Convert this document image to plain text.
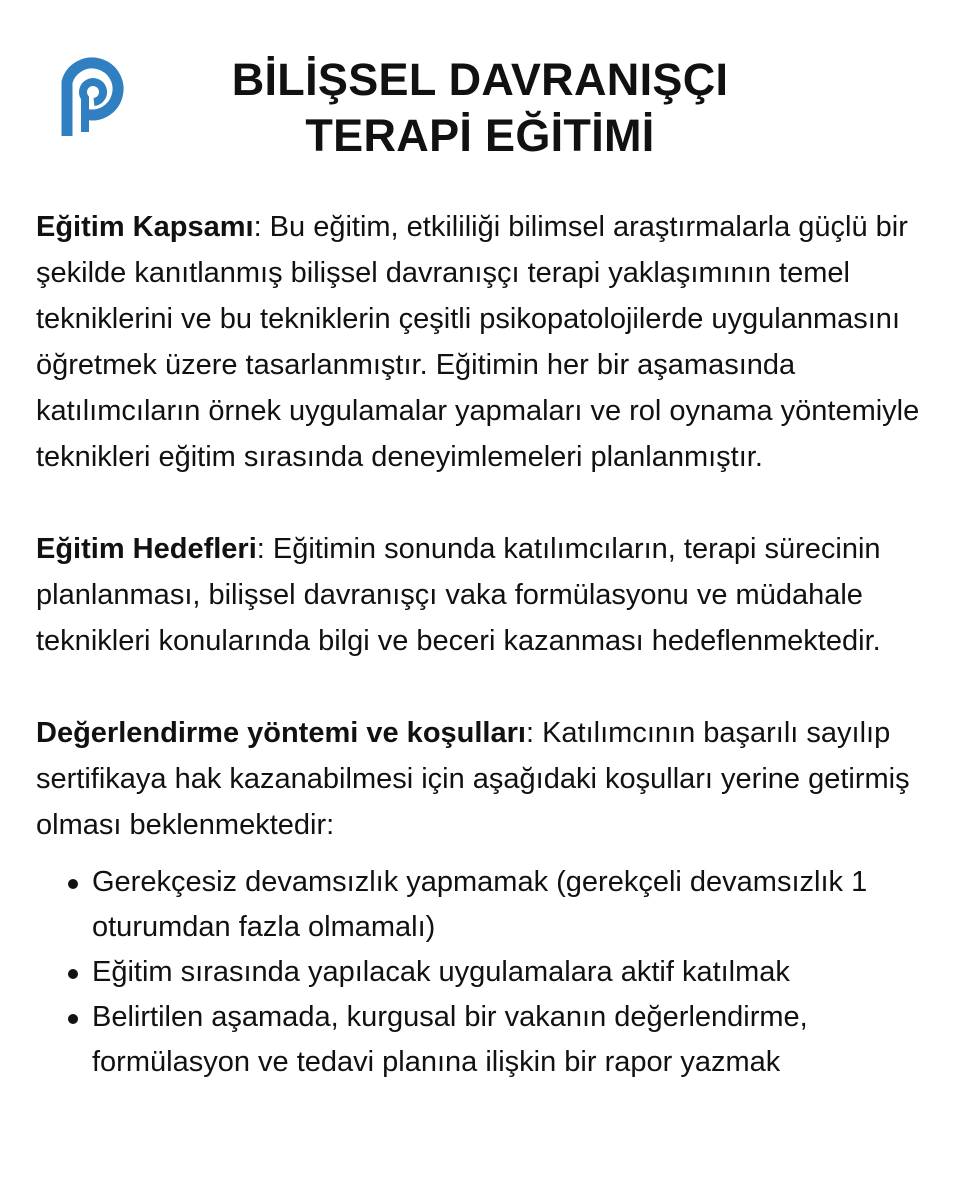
BİLİŞSEL DAVRANIŞÇI
TERAPİ EĞİTİMİ

Eğitim Kapsamı: Bu eğitim, etkililiği bilimsel araştırmalarla güçlü bir şekilde kanıtlanmış bilişsel davranışçı terapi yaklaşımının temel tekniklerini ve bu tekniklerin çeşitli psikopatolojilerde uygulanmasını öğretmek üzere tasarlanmıştır. Eğitimin her bir aşamasında katılımcıların örnek uygulamalar yapmaları ve rol oynama yöntemiyle teknikleri eğitim sırasında deneyimlemeleri planlanmıştır.

Eğitim Hedefleri: Eğitimin sonunda katılımcıların, terapi sürecinin planlanması, bilişsel davranışçı vaka formülasyonu ve müdahale teknikleri konularında bilgi ve beceri kazanması hedeflenmektedir.

Değerlendirme yöntemi ve koşulları: Katılımcının başarılı sayılıp sertifikaya hak kazanabilmesi için aşağıdaki koşulları yerine getirmiş olması beklenmektedir:

Gerekçesiz devamsızlık yapmamak (gerekçeli devamsızlık 1 oturumdan fazla olmamalı)
Eğitim sırasında yapılacak uygulamalara aktif katılmak
Belirtilen aşamada, kurgusal bir vakanın değerlendirme, formülasyon ve tedavi planına ilişkin bir rapor yazmak
